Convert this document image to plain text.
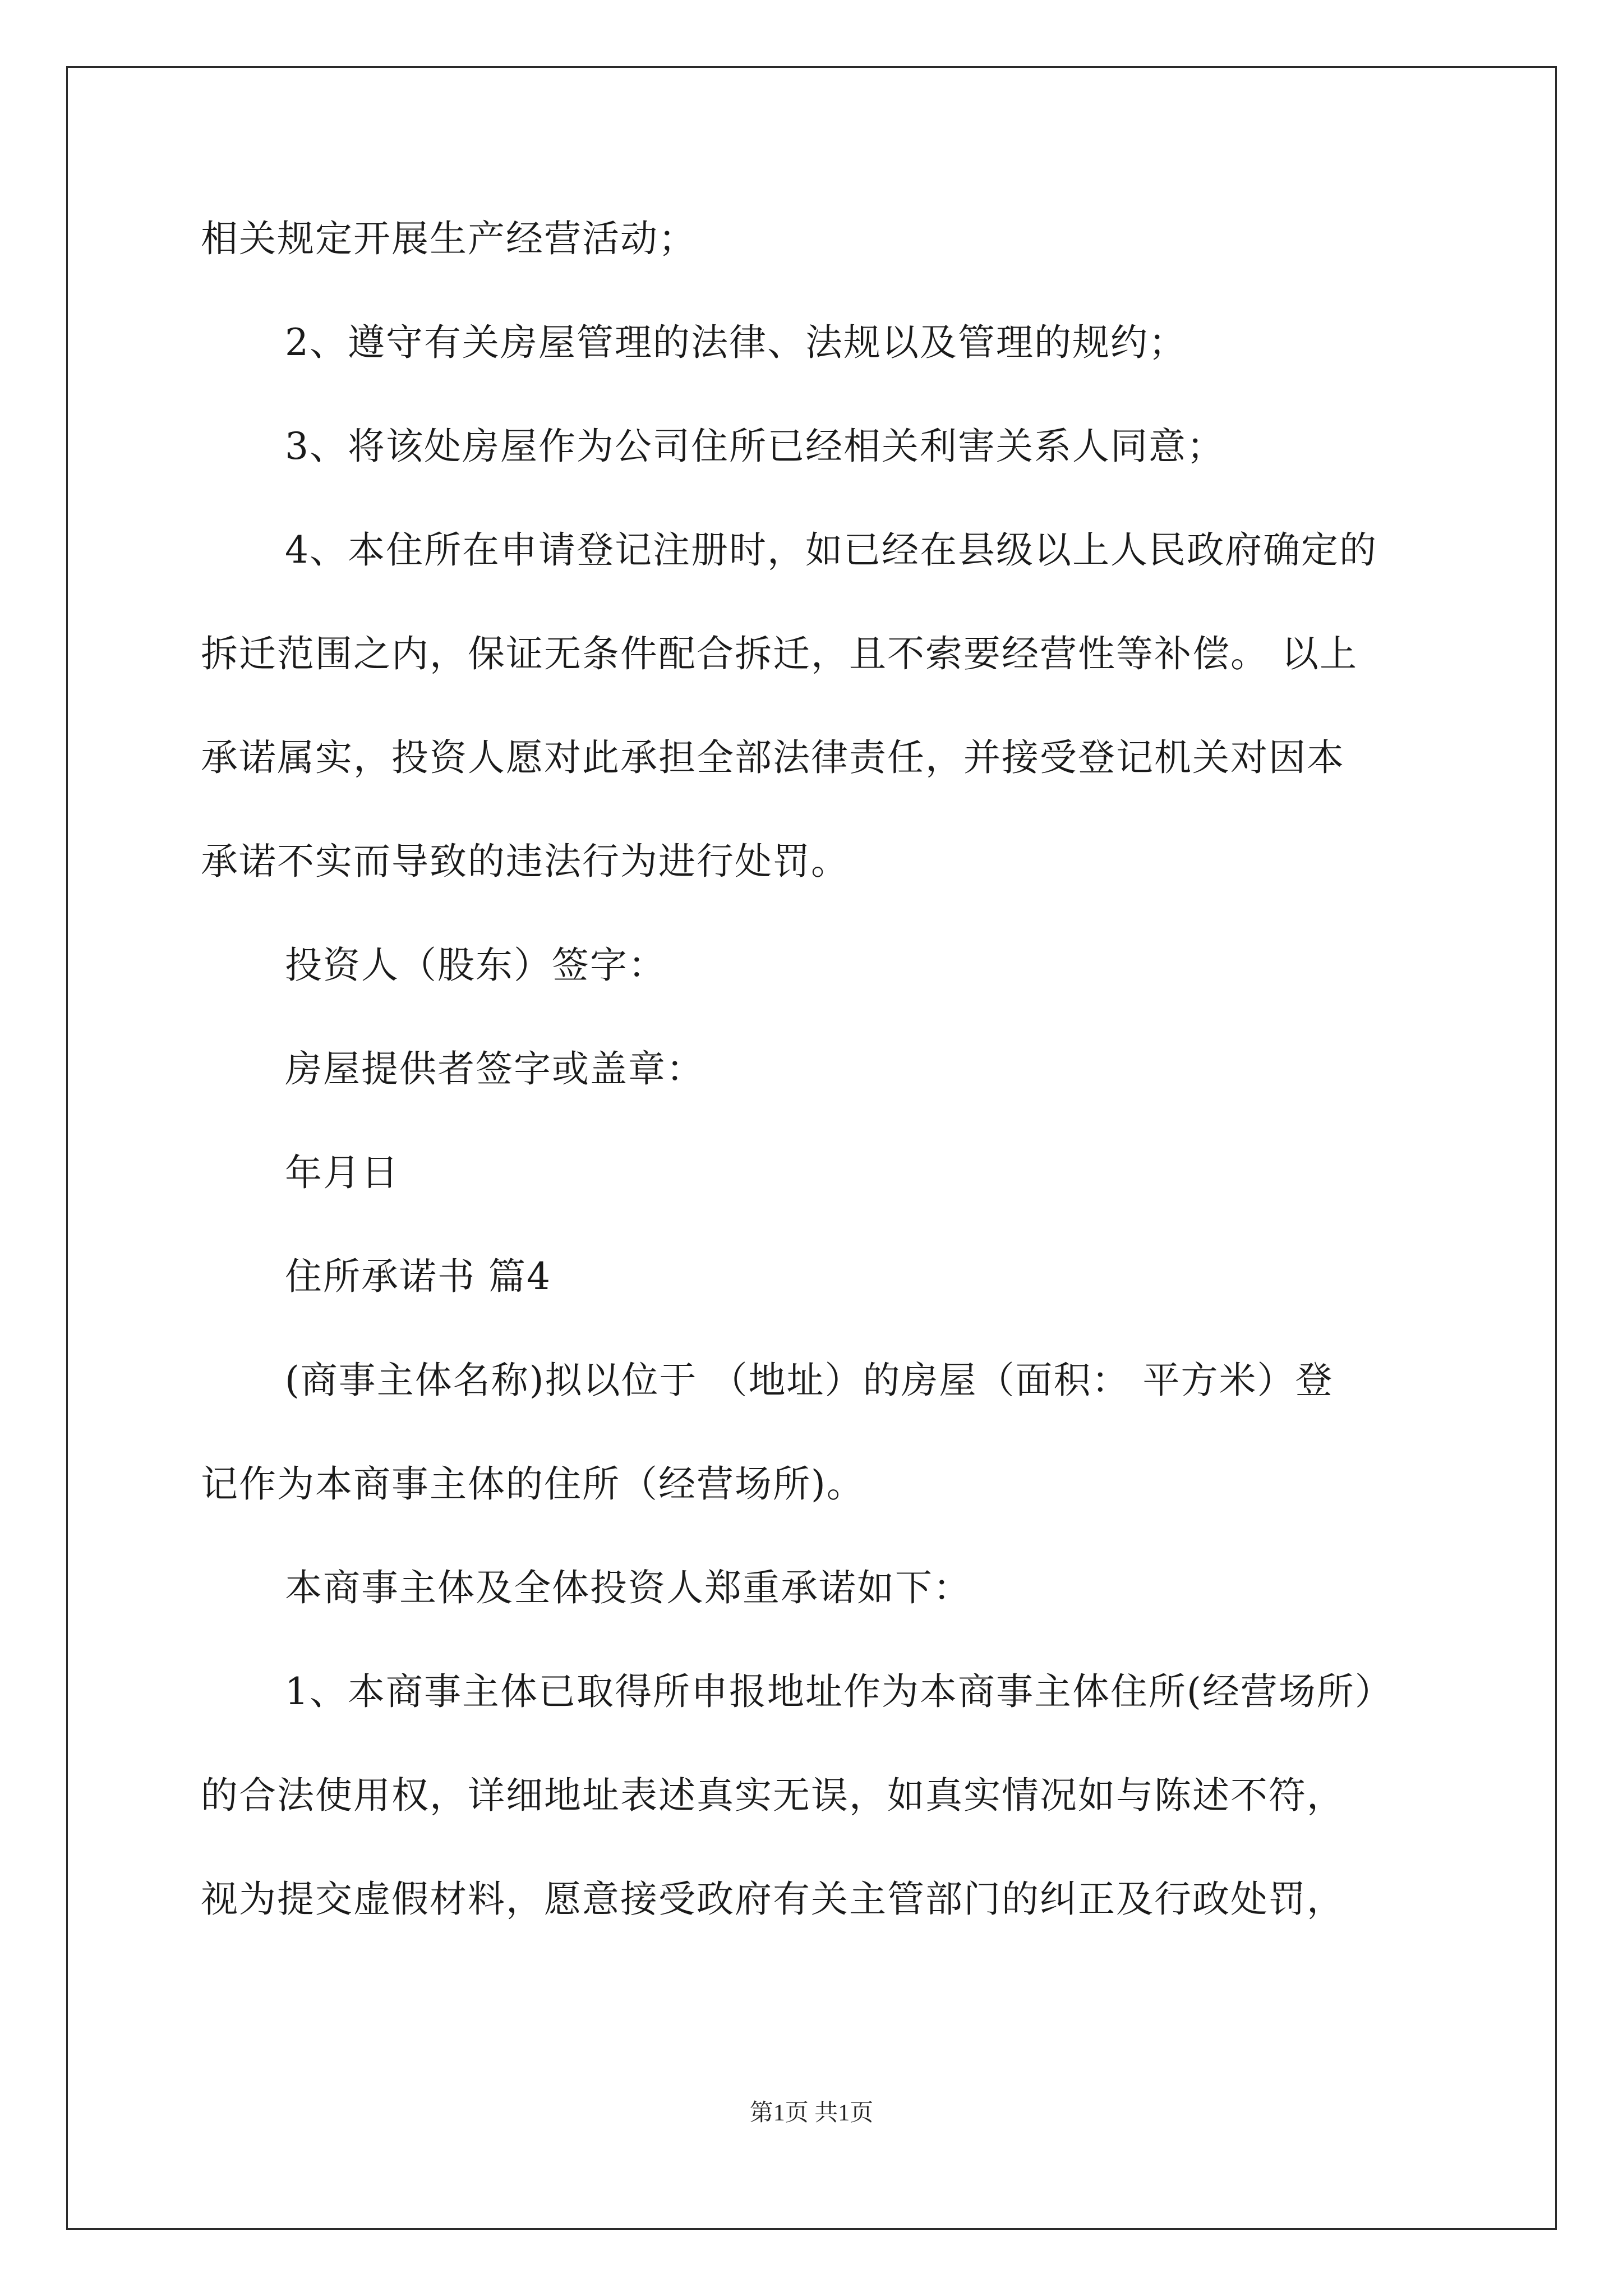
相关规定开展生产经营活动；
2、遵守有关房屋管理的法律、法规以及管理的规约；
3、将该处房屋作为公司住所已经相关利害关系人同意；
4、本住所在申请登记注册时，如已经在县级以上人民政府确定的
拆迁范围之内，保证无条件配合拆迁，且不索要经营性等补偿。 以上
承诺属实，投资人愿对此承担全部法律责任，并接受登记机关对因本
承诺不实而导致的违法行为进行处罚。
投资人（股东）签字：
房屋提供者签字或盖章：
年月日
住所承诺书 篇4
(商事主体名称)拟以位于 （地址）的房屋（面积： 平方米）登
记作为本商事主体的住所（经营场所)。
本商事主体及全体投资人郑重承诺如下：
1、本商事主体已取得所申报地址作为本商事主体住所(经营场所）
的合法使用权，详细地址表述真实无误，如真实情况如与陈述不符，
视为提交虚假材料，愿意接受政府有关主管部门的纠正及行政处罚，
第1页 共1页
